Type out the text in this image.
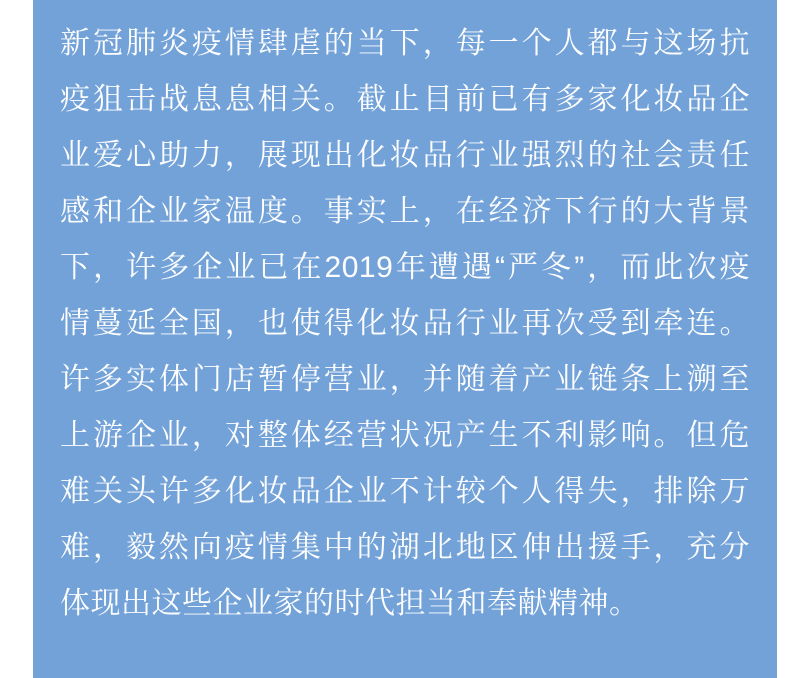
新冠肺炎疫情肆虐的当下，每一个人都与这场抗
疫狙击战息息相关。截止目前已有多家化妆品企
业爱心助力，展现出化妆品行业强烈的社会责任
感和企业家温度。事实上，在经济下行的大背景
下，许多企业已在2019年遭遇“严冬”，而此次疫
情蔓延全国，也使得化妆品行业再次受到牵连。
许多实体门店暂停营业，并随着产业链条上溯至
上游企业，对整体经营状况产生不利影响。但危
难关头许多化妆品企业不计较个人得失，排除万
难，毅然向疫情集中的湖北地区伸出援手，充分
体现出这些企业家的时代担当和奉献精神。
